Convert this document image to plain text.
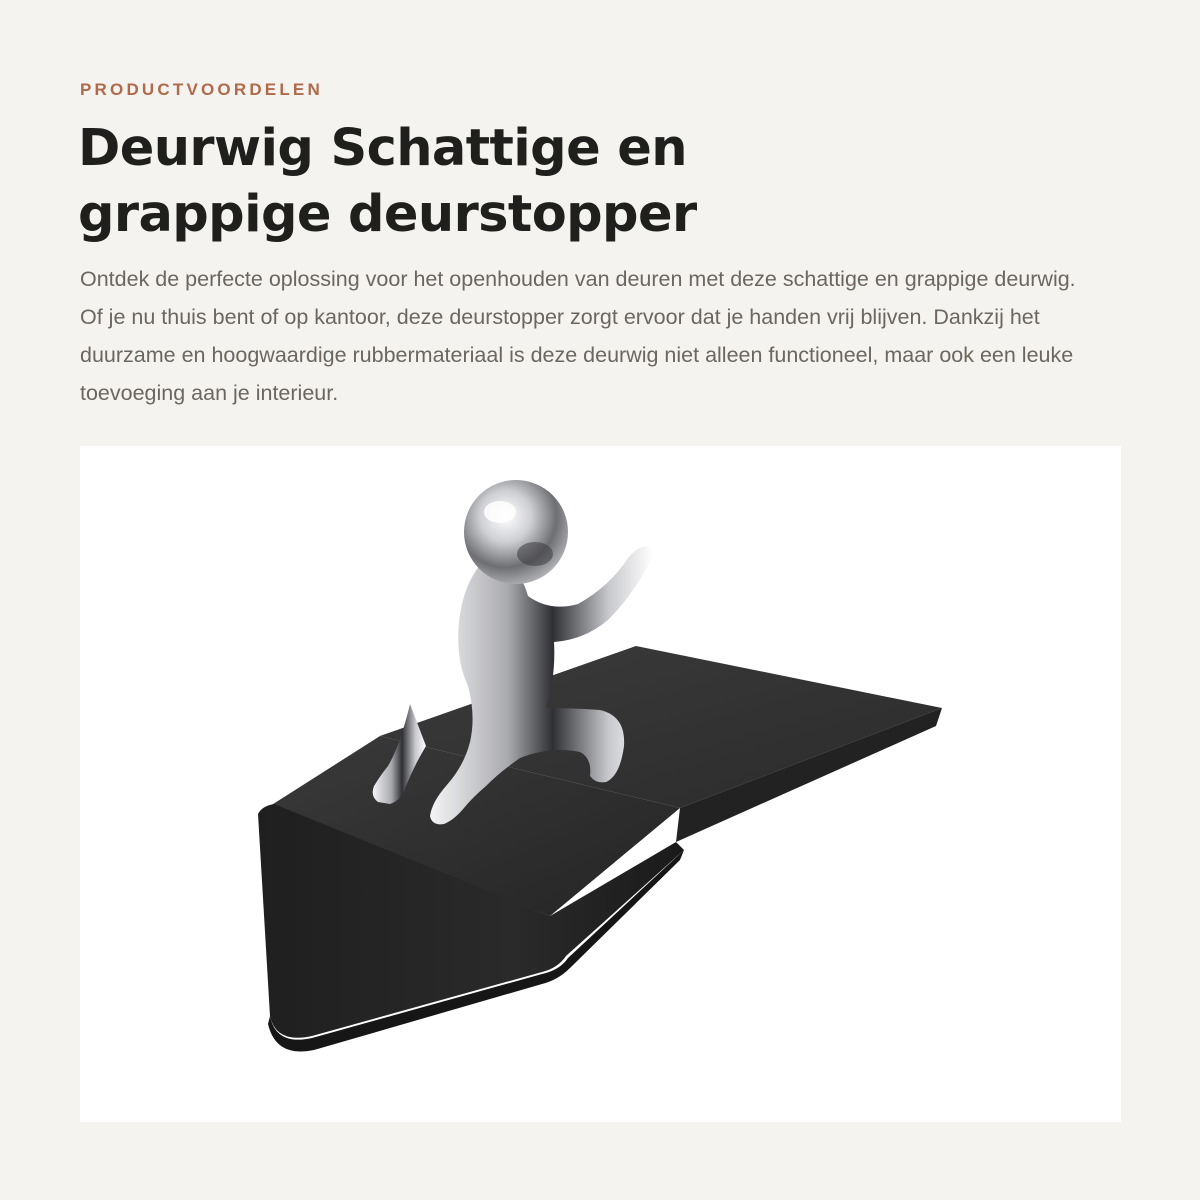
PRODUCTVOORDELEN
Deurwig Schattige en grappige deurstopper

Ontdek de perfecte oplossing voor het openhouden van deuren met deze schattige en grappige deurwig. Of je nu thuis bent of op kantoor, deze deurstopper zorgt ervoor dat je handen vrij blijven. Dankzij het duurzame en hoogwaardige rubbermateriaal is deze deurwig niet alleen functioneel, maar ook een leuke toevoeging aan je interieur.
